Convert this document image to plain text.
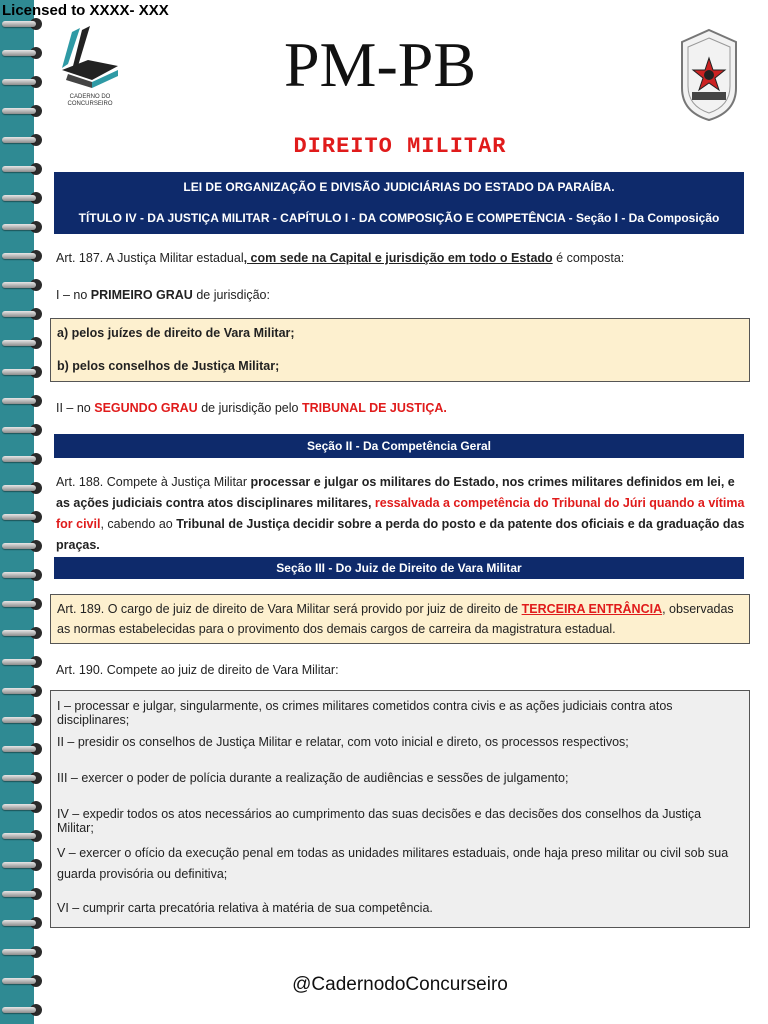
Licensed to XXXX- XXX
CADERNO DO
CONCURSEIRO
PM-PB
DIREITO MILITAR
LEI DE ORGANIZAÇÃO E DIVISÃO JUDICIÁRIAS DO ESTADO DA PARAÍBA.
TÍTULO IV - DA JUSTIÇA MILITAR - CAPÍTULO I - DA COMPOSIÇÃO E COMPETÊNCIA - Seção I - Da Composição
Art. 187. A Justiça Militar estadual, com sede na Capital e jurisdição em todo o Estado é composta:
I – no PRIMEIRO GRAU de jurisdição:
a) pelos juízes de direito de Vara Militar;
b) pelos conselhos de Justiça Militar;
II – no SEGUNDO GRAU de jurisdição pelo TRIBUNAL DE JUSTIÇA.
Seção II - Da Competência Geral
Art. 188. Compete à Justiça Militar processar e julgar os militares do Estado, nos crimes militares definidos em lei, e as ações judiciais contra atos disciplinares militares, ressalvada a competência do Tribunal do Júri quando a vítima for civil, cabendo ao Tribunal de Justiça decidir sobre a perda do posto e da patente dos oficiais e da graduação das praças.
Seção III - Do Juiz de Direito de Vara Militar
Art. 189. O cargo de juiz de direito de Vara Militar será provido por juiz de direito de TERCEIRA ENTRÂNCIA, observadas as normas estabelecidas para o provimento dos demais cargos de carreira da magistratura estadual.
Art. 190. Compete ao juiz de direito de Vara Militar:
I – processar e julgar, singularmente, os crimes militares cometidos contra civis e as ações judiciais contra atos disciplinares;
II – presidir os conselhos de Justiça Militar e relatar, com voto inicial e direto, os processos respectivos;
III – exercer o poder de polícia durante a realização de audiências e sessões de julgamento;
IV – expedir todos os atos necessários ao cumprimento das suas decisões e das decisões dos conselhos da Justiça Militar;
V – exercer o ofício da execução penal em todas as unidades militares estaduais, onde haja preso militar ou civil sob sua guarda provisória ou definitiva;
VI – cumprir carta precatória relativa à matéria de sua competência.
@CadernodoConcurseiro
